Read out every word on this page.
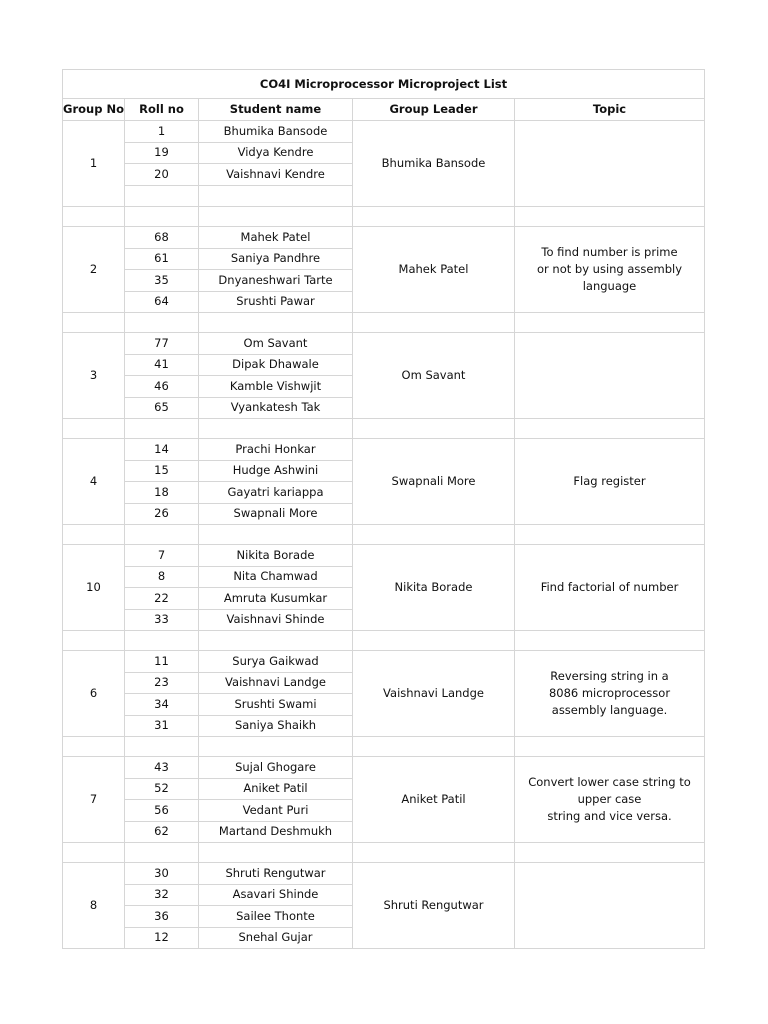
CO4I Microprocessor Microproject List				
Group No	Roll no	Student name	Group Leader	Topic
1	1	Bhumika Bansode	Bhumika Bansode	
	19	Vidya Kendre		
	20	Vaishnavi Kendre		

2	68	Mahek Patel	Mahek Patel	To find number is prime
or not by using assembly
language

	61	Saniya Pandhre		
	35	Dnyaneshwari Tarte		
	64	Srushti Pawar		

3	77	Om Savant	Om Savant	
	41	Dipak Dhawale		
	46	Kamble Vishwjit		
	65	Vyankatesh Tak		

4	14	Prachi Honkar	Swapnali More	Flag register

	15	Hudge Ashwini		
	18	Gayatri kariappa		
	26	Swapnali More		

10	7	Nikita Borade	Nikita Borade	Find factorial of number

	8	Nita Chamwad		
	22	Amruta Kusumkar		
	33	Vaishnavi Shinde		

6	11	Surya Gaikwad	Vaishnavi Landge	Reversing string in a
8086 microprocessor
assembly language.

	23	Vaishnavi Landge		
	34	Srushti Swami		
	31	Saniya Shaikh		

7	43	Sujal Ghogare	Aniket Patil	Convert lower case string to
upper case
string and vice versa.

	52	Aniket Patil		
	56	Vedant Puri		
	62	Martand Deshmukh		

8	30	Shruti Rengutwar	Shruti Rengutwar	
	32	Asavari Shinde		
	36	Sailee Thonte		
	12	Snehal Gujar		
